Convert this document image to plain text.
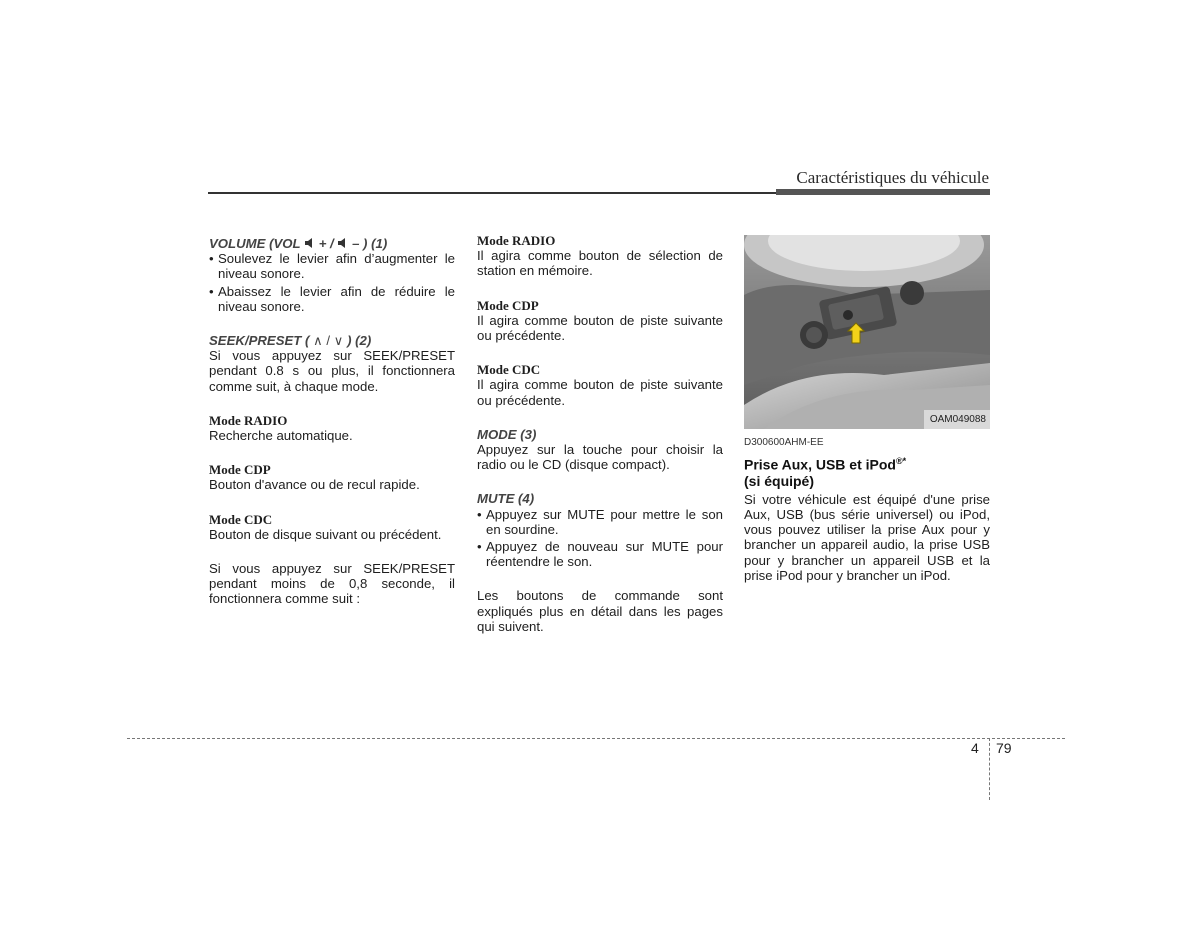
Caractéristiques du véhicule

VOLUME (VOL + / – ) (1)

• Soulevez le levier afin d’augmenter le niveau sonore.
• Abaissez le levier afin de réduire le niveau sonore.

SEEK/PRESET ( ∧ / ∨ ) (2)

Si vous appuyez sur SEEK/PRESET pendant 0.8 s ou plus, il fonctionnera comme suit, à chaque mode.

Mode RADIO

Recherche automatique.

Mode CDP

Bouton d'avance ou de recul rapide.

Mode CDC

Bouton de disque suivant ou précédent.

Si vous appuyez sur SEEK/PRESET pendant moins de 0,8 seconde, il fonctionnera comme suit :

Mode RADIO

Il agira comme bouton de sélection de station en mémoire.

Mode CDP

Il agira comme bouton de piste suivante ou précédente.

Mode CDC

Il agira comme bouton de piste suivante ou précédente.

MODE (3)

Appuyez sur la touche pour choisir la radio ou le CD (disque compact).

MUTE (4)

• Appuyez sur MUTE pour mettre le son en sourdine.
• Appuyez de nouveau sur MUTE pour réentendre le son.

Les boutons de commande sont expliqués plus en détail dans les pages qui suivent.

OAM049088

D300600AHM-EE

Prise Aux, USB et iPod®*
(si équipé)

Si votre véhicule est équipé d'une prise Aux, USB (bus série universel) ou iPod, vous pouvez utiliser la prise Aux pour y brancher un appareil audio, la prise USB pour y brancher un appareil USB et la prise iPod pour y brancher un iPod.

4 79
